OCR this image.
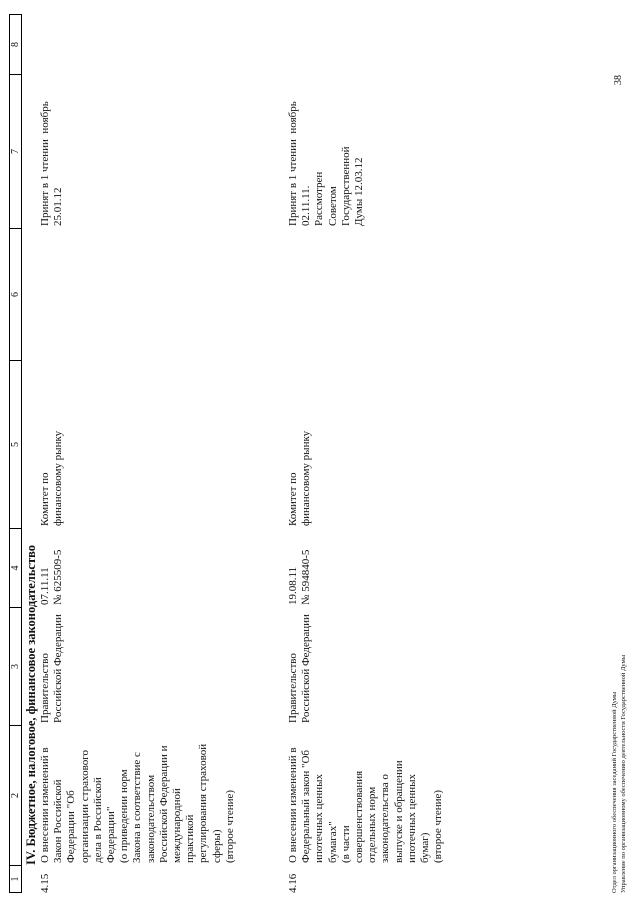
1
2
3
4
5
6
7
8
IV. Бюджетное, налоговое, финансовое законодательство
4.15
О внесении изменений в
Закон Российской
Федерации "Об
организации страхового
дела в Российской
Федерации"
(о приведении норм
Закона в соответствие с
законодательством
Российской Федерации и
международной
практикой
регулирования страховой
сферы)
(второе чтение)
Правительство
Российской Федерации
07.11.11
№ 625509-5
Комитет по
финансовому рынку
Принят в 1 чтении  ноябрь
25.01.12
4.16
О внесении изменений в
Федеральный закон "Об
ипотечных ценных
бумагах"
(в части
совершенствования
отдельных норм
законодательства о
выпуске и обращении
ипотечных ценных
бумаг)
(второе чтение)
Правительство
Российской Федерации
19.08.11
№ 594840-5
Комитет по
финансовому рынку
Принят в 1 чтении  ноябрь
02.11.11.
Рассмотрен
Советом
Государственной
Думы 12.03.12
Отдел организационного обеспечения заседаний Государственной Думы Управление по организационному обеспечению деятельности Государственной Думы
38
